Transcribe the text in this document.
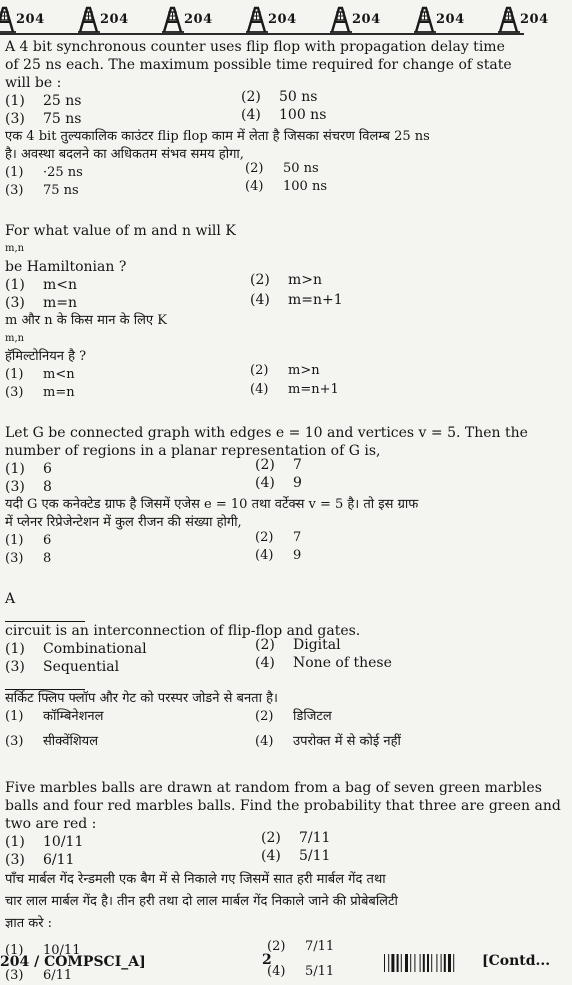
204	204	204	204	204	204	204
A 4 bit synchronous counter uses flip flop with propagation delay time
of 25 ns each. The maximum possible time required for change of state
will be :
(1) 25 ns	(2) 50 ns
(3) 75 ns	(4) 100 ns
एक 4 bit तुल्यकालिक काउंटर flip flop काम में लेता है जिसका संचरण विलम्ब 25 ns
है। अवस्था बदलने का अधिकतम संभव समय होगा,
(1) ·25 ns	(2) 50 ns
(3) 75 ns	(4) 100 ns
For what value of m and n will K
m,n
be Hamiltonian ?
(1) m<n	(2) m>n
(3) m=n	(4) m=n+1
m और n के किस मान के लिए K
m,n
हॅमिल्टोनियन है ?
(1) m<n	(2) m>n
(3) m=n	(4) m=n+1
Let G be connected graph with edges e = 10 and vertices v = 5. Then the
number of regions in a planar representation of G is,
(1) 6	(2) 7
(3) 8	(4) 9
यदी G एक कनेक्टेड ग्राफ है जिसमें एजेस e = 10 तथा वर्टेक्स v = 5 है। तो इस ग्राफ
में प्लेनर रिप्रेजेन्टेशन में कुल रीजन की संख्या होगी,
(1) 6	(2) 7
(3) 8	(4) 9
A
circuit is an interconnection of flip-flop and gates.
(1) Combinational	(2) Digital
(3) Sequential	(4) None of these
सर्किट फ्लिप फ्लॉप और गेट को परस्पर जोडने से बनता है।
(1) कॉम्बिनेशनल	(2) डिजिटल
(3) सीक्वेंशियल	(4) उपरोक्त में से कोई नहीं
Five marbles balls are drawn at random from a bag of seven green marbles
balls and four red marbles balls. Find the probability that three are green and
two are red :
(1) 10/11	(2) 7/11
(3) 6/11	(4) 5/11
पाँच मार्बल गेंद रेन्डमली एक बैग में से निकाले गए जिसमें सात हरी मार्बल गेंद तथा
चार लाल मार्बल गेंद है। तीन हरी तथा दो लाल मार्बल गेंद निकाले जाने की प्रोबेबलिटी
ज्ञात करे :
(1) 10/11	(2) 7/11
(3) 6/11	(4) 5/11
204 / COMPSCI_A]	2	[Contd...
